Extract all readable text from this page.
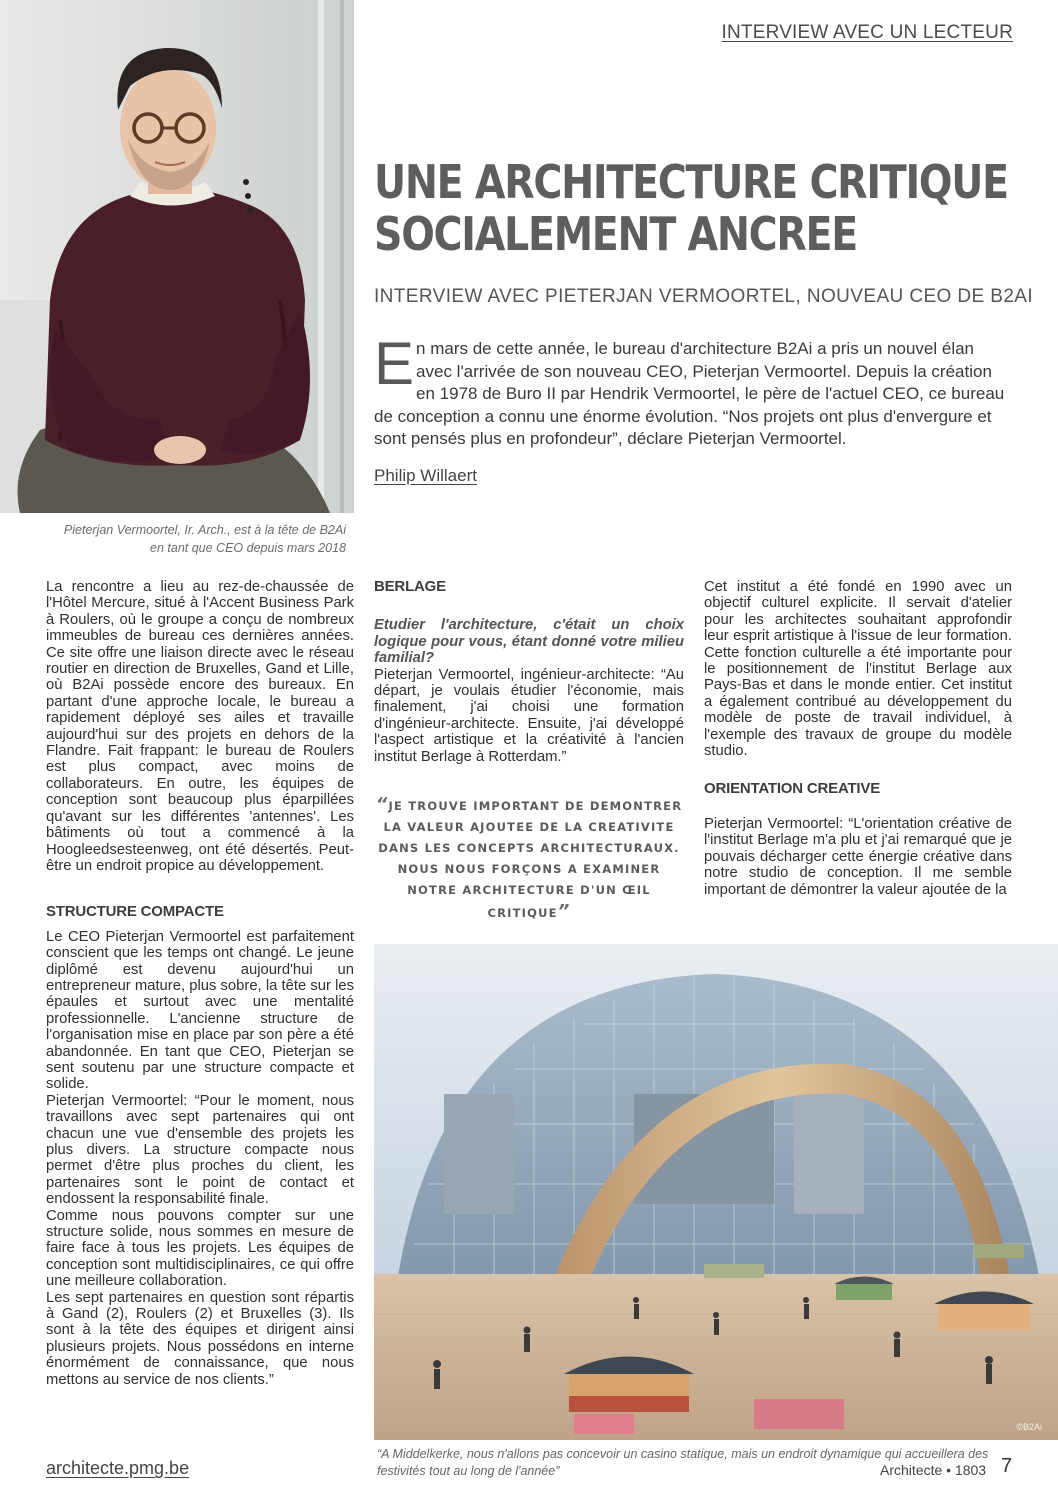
INTERVIEW AVEC UN LECTEUR
Pieterjan Vermoortel, Ir. Arch., est à la tête de B2Ai
en tant que CEO depuis mars 2018
UNE ARCHITECTURE CRITIQUE
SOCIALEMENT ANCREE
INTERVIEW AVEC PIETERJAN VERMOORTEL, NOUVEAU CEO DE B2AI
E n mars de cette année, le bureau d'architecture B2Ai a pris un nouvel élan avec l'arrivée de son nouveau CEO, Pieterjan Vermoortel. Depuis la création en 1978 de Buro II par Hendrik Vermoortel, le père de l'actuel CEO, ce bureau de conception a connu une énorme évolution. “Nos projets ont plus d'envergure et sont pensés plus en profondeur”, déclare Pieterjan Vermoortel.
Philip Willaert

La rencontre a lieu au rez-de-chaussée de l'Hôtel Mercure, situé à l'Accent Business Park à Roulers, où le groupe a conçu de nombreux immeubles de bureau ces dernières années. Ce site offre une liaison directe avec le réseau routier en direction de Bruxelles, Gand et Lille, où B2Ai possède encore des bureaux. En partant d'une approche locale, le bureau a rapidement déployé ses ailes et travaille aujourd'hui sur des projets en dehors de la Flandre. Fait frappant: le bureau de Roulers est plus compact, avec moins de collaborateurs. En outre, les équipes de conception sont beaucoup plus éparpillées qu'avant sur les différentes 'antennes'. Les bâtiments où tout a commencé à la Hoogleedsesteenweg, ont été désertés. Peut-être un endroit propice au développement.

STRUCTURE COMPACTE

Le CEO Pieterjan Vermoortel est parfaitement conscient que les temps ont changé. Le jeune diplômé est devenu aujourd'hui un entrepreneur mature, plus sobre, la tête sur les épaules et surtout avec une mentalité professionnelle. L'ancienne structure de l'organisation mise en place par son père a été abandonnée. En tant que CEO, Pieterjan se sent soutenu par une structure compacte et solide.

Pieterjan Vermoortel: “Pour le moment, nous travaillons avec sept partenaires qui ont chacun une vue d'ensemble des projets les plus divers. La structure compacte nous permet d'être plus proches du client, les partenaires sont le point de contact et endossent la responsabilité finale.

Comme nous pouvons compter sur une structure solide, nous sommes en mesure de faire face à tous les projets. Les équipes de conception sont multidisciplinaires, ce qui offre une meilleure collaboration.

Les sept partenaires en question sont répartis à Gand (2), Roulers (2) et Bruxelles (3). Ils sont à la tête des équipes et dirigent ainsi plusieurs projets. Nous possédons en interne énormément de connaissance, que nous mettons au service de nos clients.”

BERLAGE

Etudier l'architecture, c'était un choix logique pour vous, étant donné votre milieu familial?

Pieterjan Vermoortel, ingénieur-architecte: “Au départ, je voulais étudier l'économie, mais finalement, j'ai choisi une formation d'ingénieur-architecte. Ensuite, j'ai développé l'aspect artistique et la créativité à l'ancien institut Berlage à Rotterdam.”

“JE TROUVE IMPORTANT DE DEMONTRER LA VALEUR AJOUTEE DE LA CREATIVITE DANS LES CONCEPTS ARCHITECTURAUX. NOUS NOUS FORÇONS A EXAMINER NOTRE ARCHITECTURE D'UN ŒIL CRITIQUE”

Cet institut a été fondé en 1990 avec un objectif culturel explicite. Il servait d'atelier pour les architectes souhaitant approfondir leur esprit artistique à l'issue de leur formation. Cette fonction culturelle a été importante pour le positionnement de l'institut Berlage aux Pays-Bas et dans le monde entier. Cet institut a également contribué au développement du modèle de poste de travail individuel, à l'exemple des travaux de groupe du modèle studio.

ORIENTATION CREATIVE

Pieterjan Vermoortel: “L'orientation créative de l'institut Berlage m'a plu et j'ai remarqué que je pouvais décharger cette énergie créative dans notre studio de conception. Il me semble important de démontrer la valeur ajoutée de la

©B2Ai
“A Middelkerke, nous n'allons pas concevoir un casino statique, mais un endroit dynamique qui accueillera des festivités tout au long de l'année”
architecte.pmg.be	Architecte • 1803 7
